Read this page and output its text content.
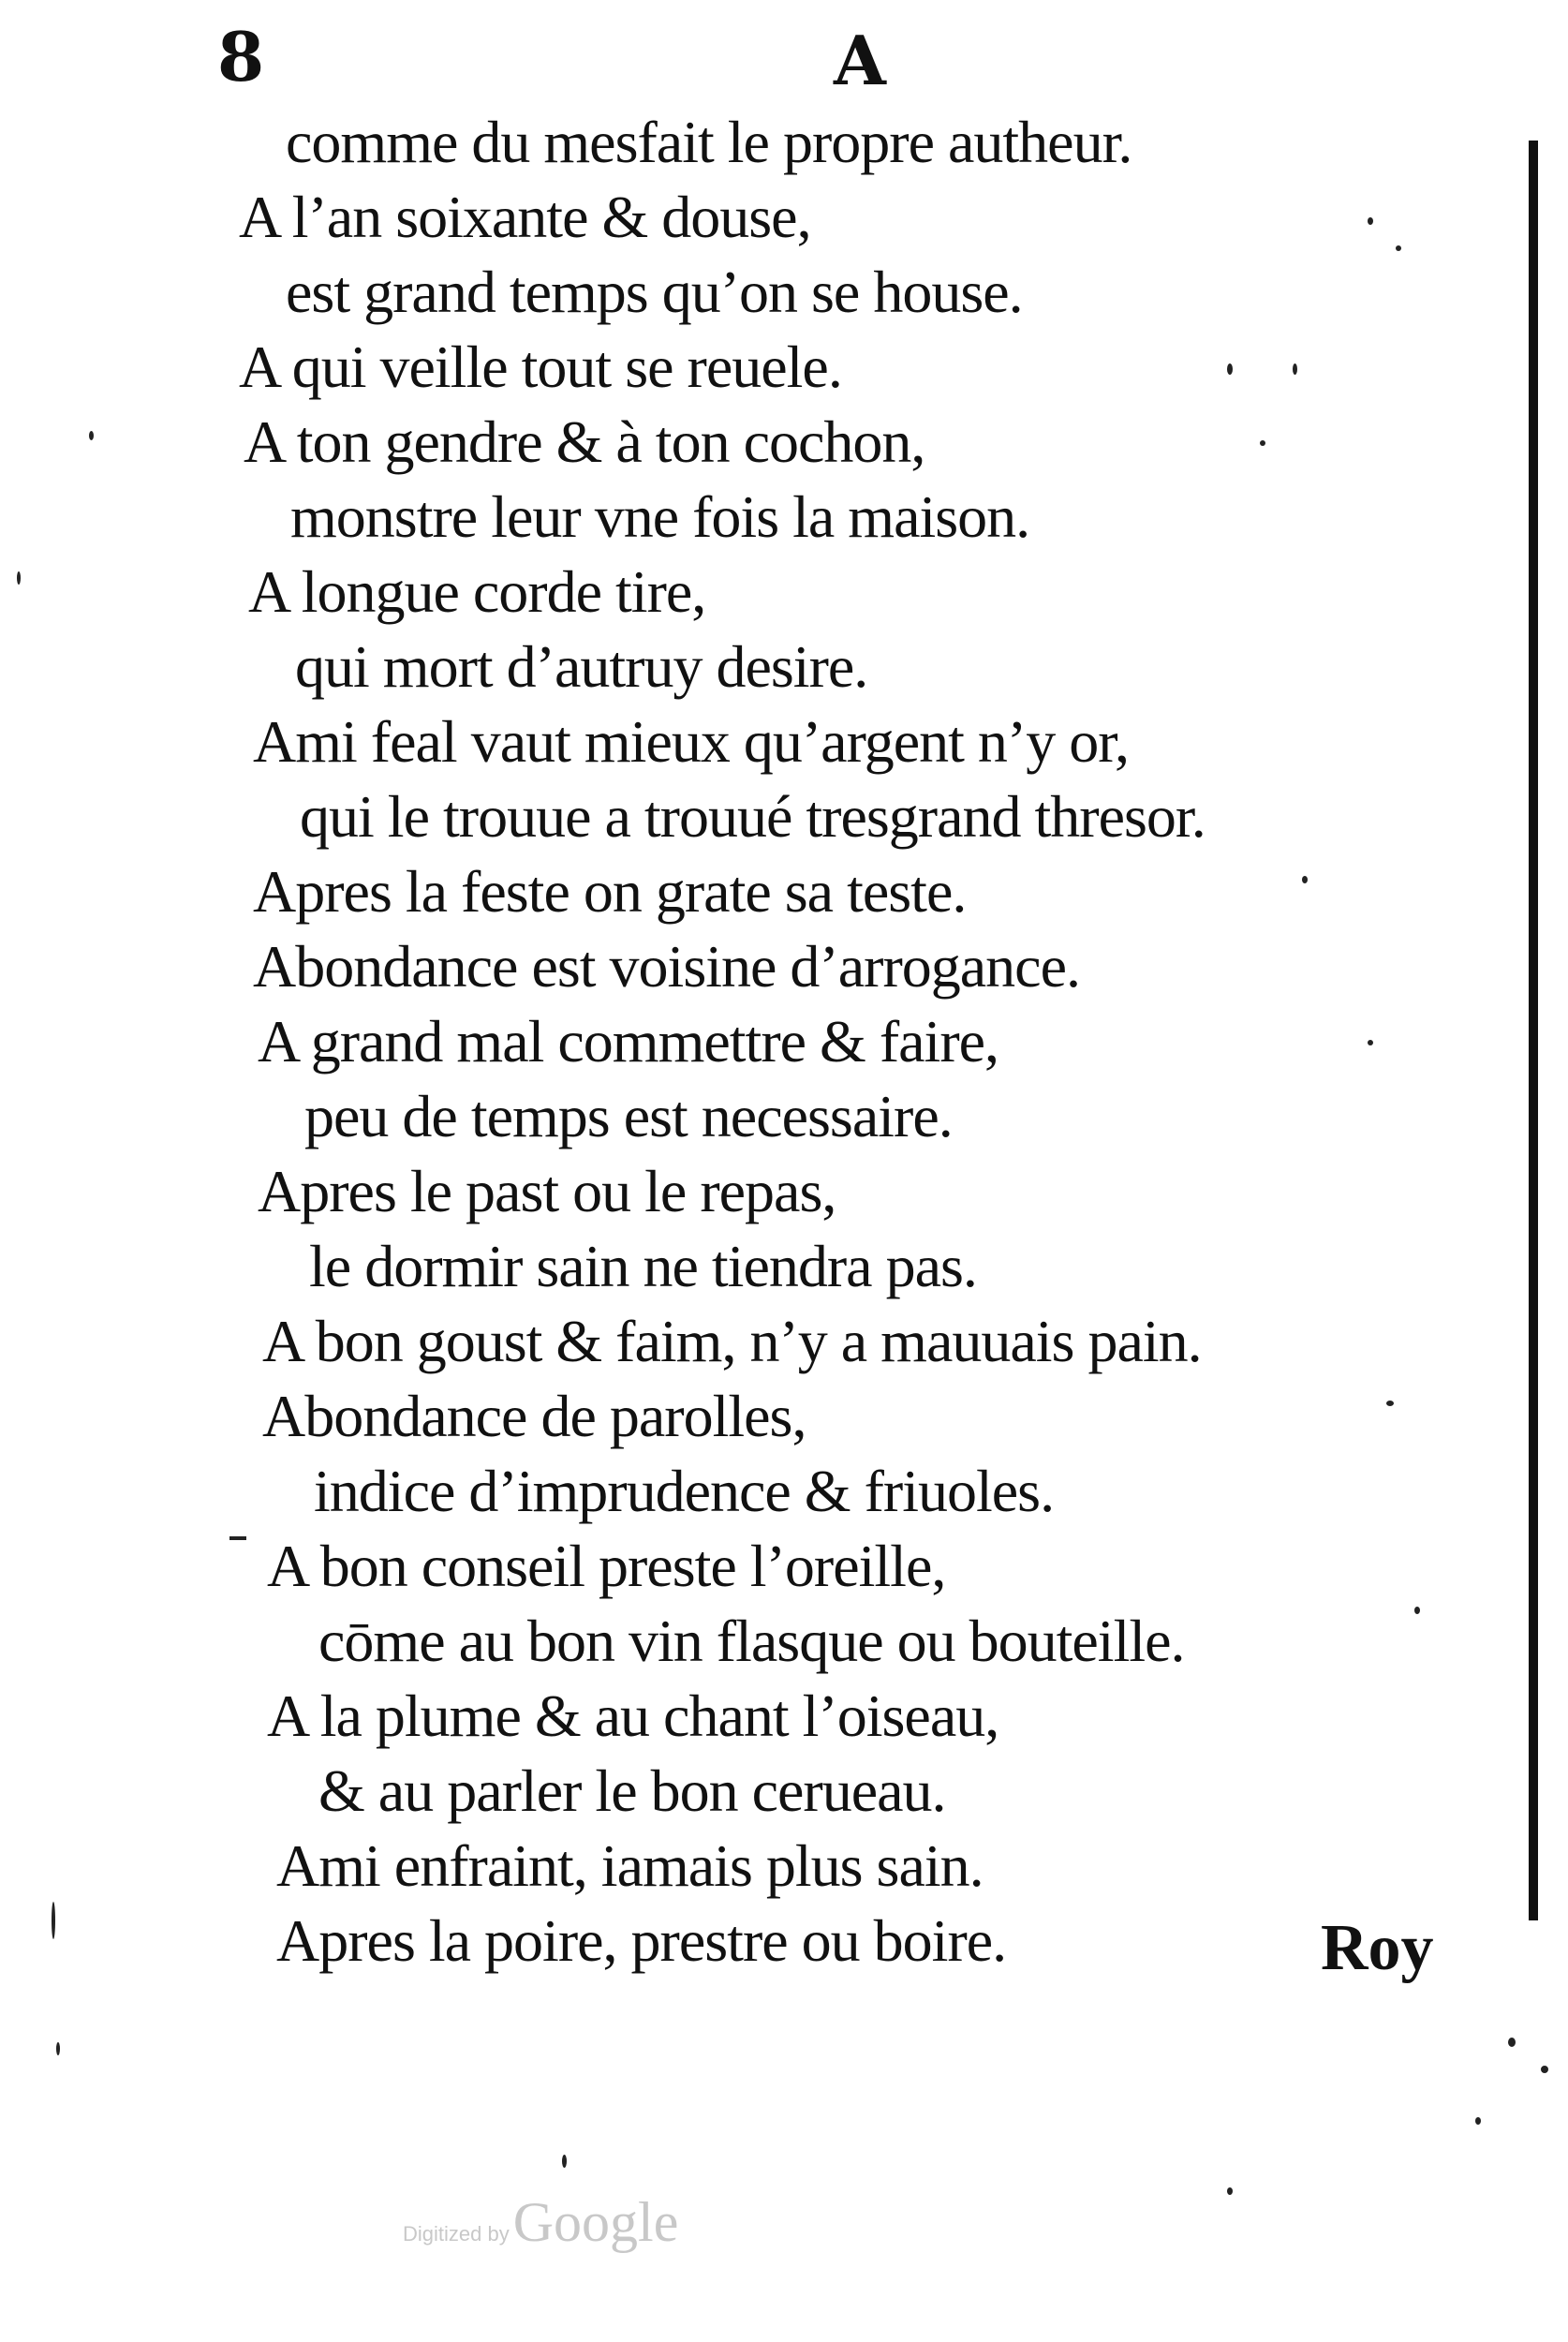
8	A
comme du mesfait le propre autheur.
A l’an soixante & douse,
est grand temps qu’on se house.
A qui veille tout se reuele.
A ton gendre & à ton cochon,
monstre leur vne fois la maison.
A longue corde tire,
qui mort d’autruy desire.
Ami feal vaut mieux qu’argent n’y or,
qui le trouue a trouué tresgrand thresor.
Apres la feste on grate sa teste.
Abondance est voisine d’arrogance.
A grand mal commettre & faire,
peu de temps est necessaire.
Apres le past ou le repas,
le dormir sain ne tiendra pas.
A bon goust & faim, n’y a mauuais pain.
Abondance de parolles,
indice d’imprudence & friuoles.
A bon conseil preste l’oreille,
cōme au bon vin flasque ou bouteille.
A la plume & au chant l’oiseau,
& au parler le bon cerueau.
Ami enfraint, iamais plus sain.
Apres la poire, prestre ou boire.	Roy
Digitized byGoogle
